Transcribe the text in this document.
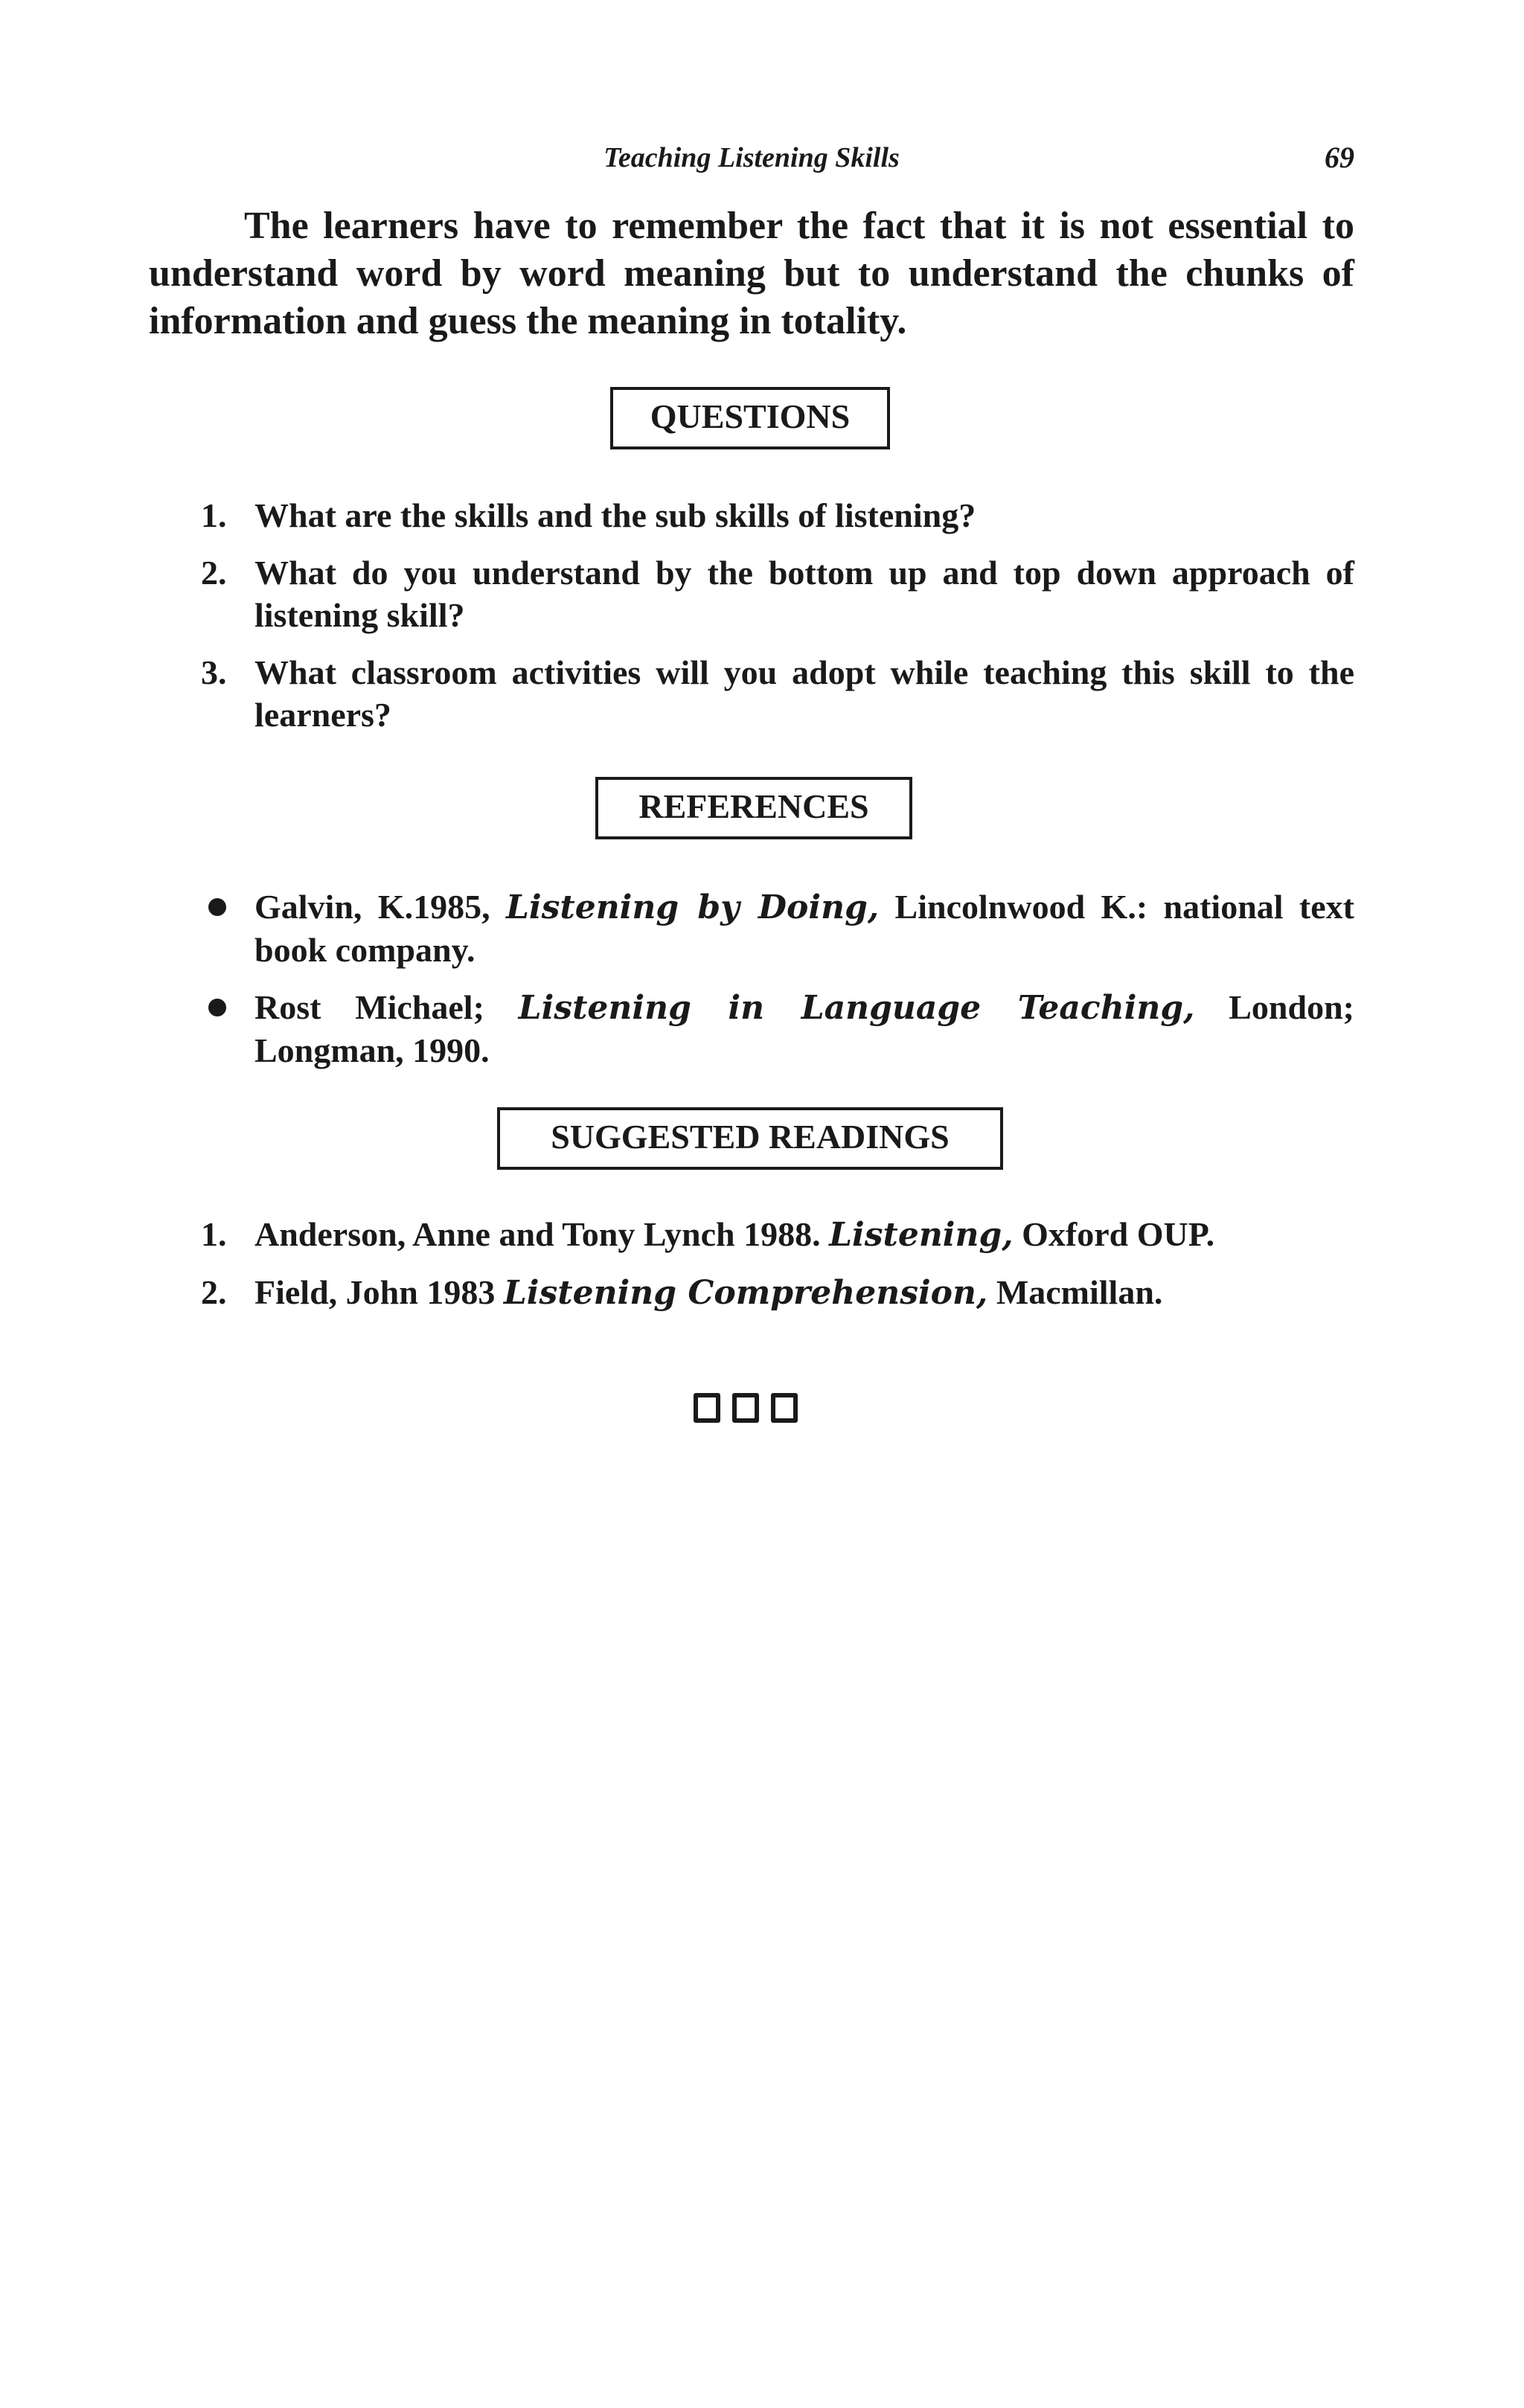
Teaching Listening Skills	69

The learners have to remember the fact that it is not essential to understand word by word meaning but to understand the chunks of information and guess the meaning in totality.

QUESTIONS
1. What are the skills and the sub skills of listening?
2. What do you understand by the bottom up and top down approach of listening skill?
3. What classroom activities will you adopt while teaching this skill to the learners?
REFERENCES
Galvin, K.1985, Listening by Doing, Lincolnwood K.: national text book company.
Rost Michael; Listening in Language Teaching, London; Longman, 1990.
SUGGESTED READINGS
1. Anderson, Anne and Tony Lynch 1988. Listening, Oxford OUP.
2. Field, John 1983 Listening Comprehension, Macmillan.
